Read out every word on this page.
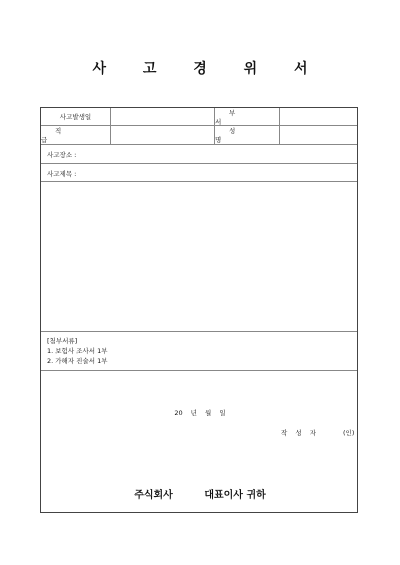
사 고 경 위 서
사고발생일
부 서
직 급
성 명
사고장소 :
사고제목 :
[첨부서류]
1. 보험사 조사서 1부
2. 가해자 진술서 1부
20 년 월 일
작 성 자	(인)
주식회사	대표이사 귀하
